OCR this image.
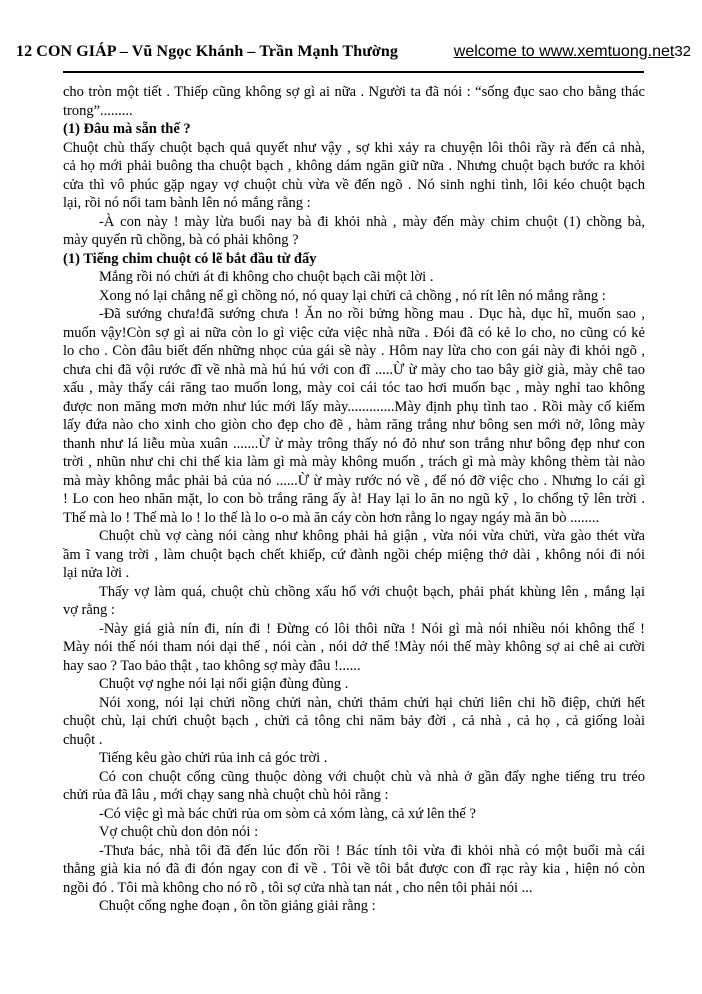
12 CON GIÁP – Vũ Ngọc Khánh – Trần Mạnh Thường	welcome to www.xemtuong.net 32
cho tròn một tiết . Thiếp cũng không sợ gì ai nữa . Người ta đã nói : “sống đục sao cho bằng thác
trong”.........
(1) Đâu mà sẵn thế ?
Chuột chù thấy chuột bạch quả quyết như vậy , sợ khi xảy ra chuyện lôi thôi rầy rà đến cả nhà,
cả họ mới phải buông tha chuột bạch , không dám ngăn giữ nữa . Nhưng chuột bạch bước ra khỏi
cửa thì vô phúc gặp ngay vợ chuột chù vừa về đến ngõ . Nó sinh nghi tình, lôi kéo chuột bạch
lại, rồi nó nổi tam bành lên nó mắng rằng :
-À con này ! mày lừa buổi nay bà đi khỏi nhà , mày đến mày chim chuột (1) chồng bà,
mày quyến rũ chồng, bà có phải không ?
(1) Tiếng chim chuột có lẽ bắt đầu từ đấy
Mắng rồi nó chửi át đi không cho chuột bạch cãi một lời .
Xong nó lại chẳng nể gì chồng nó, nó quay lại chửi cả chồng , nó rít lên nó mắng rằng :
-Đã sướng chưa!đã sướng chưa ! Ăn no rồi bửng hồng mau . Dục hà, dục hĩ, muốn sao ,
muốn vậy!Còn sợ gì ai nữa còn lo gì việc cửa việc nhà nữa . Đói đã có kẻ lo cho, no cũng có kẻ
lo cho . Còn đâu biết đến những nhọc của gái sề này . Hôm nay lừa cho con gái này đi khỏi ngõ ,
chưa chi đã vội rước đĩ về nhà mà hú hú với con đĩ .....Ừ ừ mày cho tao bây giờ già, mày chê tao
xấu , mày thấy cái răng tao muốn long, mày coi cái tóc tao hơi muốn bạc , mày nghỉ tao không
được non măng mơn mởn như lúc mới lấy mày.............Mày định phụ tình tao . Rồi mày cố kiếm
lấy đứa nào cho xinh cho giòn cho đẹp cho đẽ , hàm răng trắng như bông sen mới nở, lông mày
thanh như lá liễu mùa xuân .......Ừ ừ mày trông thấy nó đỏ như son trắng như bông đẹp như con
trời , nhũn như chi chi thế kia làm gì mà mày không muốn , trách gì mà mày không thèm tài nào
mà mày không mắc phải bả của nó ......Ừ ừ mày rước nó về , để nó đỡ việc cho . Nhưng lo cái gì
! Lo con heo nhăn mặt, lo con bò trắng răng ấy à! Hay lại lo ăn no ngũ kỹ , lo chổng tỹ lên trời .
Thế mà lo ! Thế mà lo ! lo thế là lo o-o mà ăn cáy còn hơn rằng lo ngay ngáy mà ăn bò ........
Chuột chù vợ càng nói càng như không phải hả giận , vừa nói vừa chửi, vừa gào thét vừa
ầm ĩ vang trời , làm chuột bạch chết khiếp, cứ đành ngồi chép miệng thở dài , không nói đi nói
lại nửa lời .
Thấy vợ làm quá, chuột chù chồng xấu hổ với chuột bạch, phải phát khùng lên , mắng lại
vợ rằng :
-Này giá già nín đi, nín đi ! Đừng có lôi thôi nữa ! Nói gì mà nói nhiều nói không thế !
Mày nói thế nói tham nói dại thế , nói càn , nói dở thế !Mày nói thế mày không sợ ai chê ai cười
hay sao ? Tao bảo thật , tao không sợ mày đâu !......
Chuột vợ nghe nói lại nổi giận đùng đùng .
Nói xong, nói lại chửi nồng chửi nàn, chửi thảm chửi hại chửi liên chi hồ điệp, chửi hết
chuột chù, lại chửi chuột bạch , chửi cả tông chi năm bảy đời , cả nhà , cả họ , cả giống loài
chuột .
Tiếng kêu gào chửi rủa inh cả góc trời .
Có con chuột cống cũng thuộc dòng với chuột chù và nhà ở gần đấy nghe tiếng tru tréo
chửi rủa đã lâu , mới chạy sang nhà chuột chù hỏi rằng :
-Có việc gì mà bác chửi rủa om sòm cả xóm làng, cả xứ lên thế ?
Vợ chuột chù don dỏn nói :
-Thưa bác, nhà tôi đã đến lúc đốn rồi ! Bác tính tôi vừa đi khỏi nhà có một buổi mà cái
thằng già kia nó đã đi đón ngay con đỉ về . Tôi về tôi bắt được con đĩ rạc rày kia , hiện nó còn
ngồi đó . Tôi mà không cho nó rõ , tôi sợ cửa nhà tan nát , cho nên tôi phải nói ...
Chuột cống nghe đoạn , ôn tồn giảng giải rằng :
